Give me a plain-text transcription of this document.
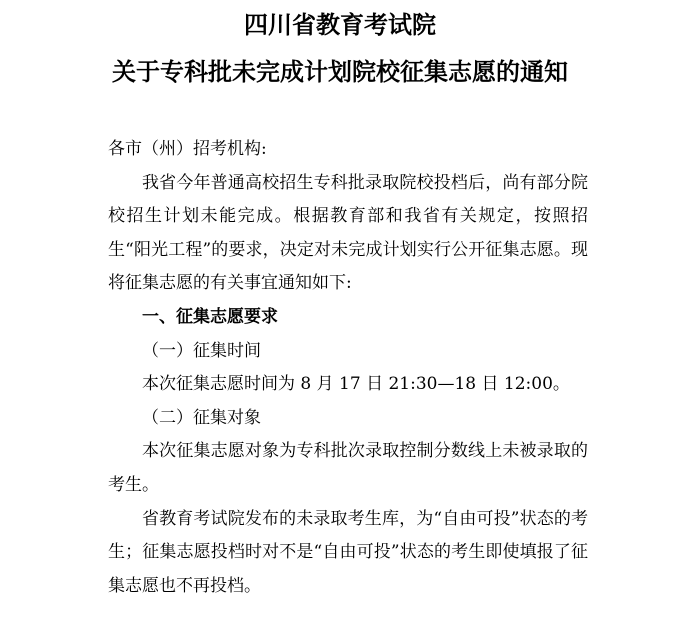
四川省教育考试院
关于专科批未完成计划院校征集志愿的通知

各市（州）招考机构:

我省今年普通高校招生专科批录取院校投档后，尚有部分院校招生计划未能完成。根据教育部和我省有关规定，按照招生“阳光工程”的要求，决定对未完成计划实行公开征集志愿。现将征集志愿的有关事宜通知如下:

一、征集志愿要求

（一）征集时间

本次征集志愿时间为 8 月 17 日 21:30—18 日 12:00。

（二）征集对象

本次征集志愿对象为专科批次录取控制分数线上未被录取的考生。

省教育考试院发布的未录取考生库，为“自由可投”状态的考生；征集志愿投档时对不是“自由可投”状态的考生即使填报了征集志愿也不再投档。
